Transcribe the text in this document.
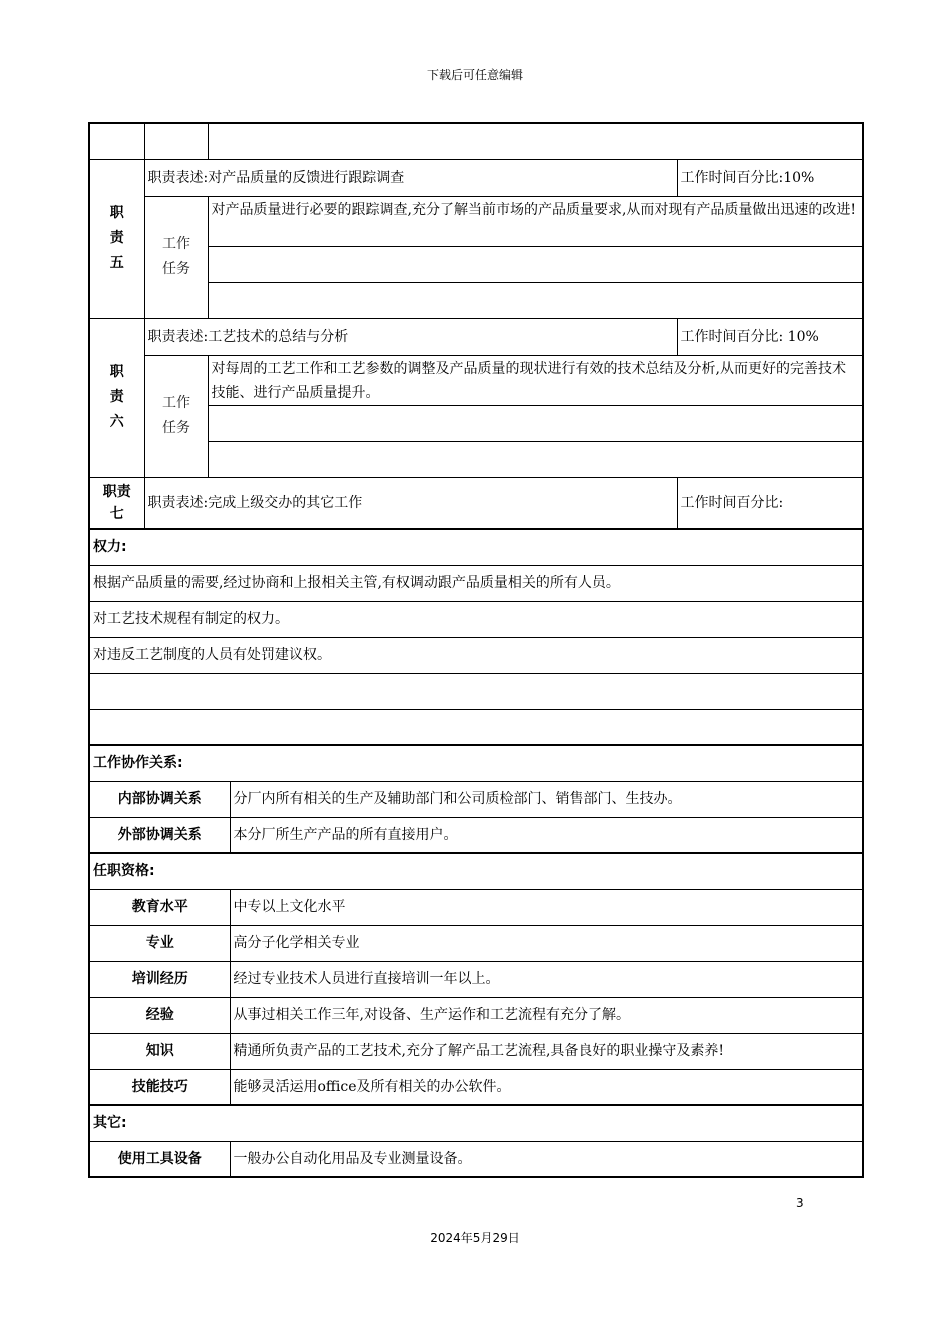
下载后可任意编辑

职
责
五	职责表述:对产品质量的反馈进行跟踪调查		工作时间百分比:10%

	工作
任务	对产品质量进行必要的跟踪调查,充分了解当前市场的产品质量要求,从而对现有产品质量做出迅速的改进!	

职
责
六	职责表述:工艺技术的总结与分析		工作时间百分比: 10%

	工作
任务	对每周的工艺工作和工艺参数的调整及产品质量的现状进行有效的技术总结及分析,从而更好的完善技术技能、进行产品质量提升。	

职责
七	职责表述:完成上级交办的其它工作		工作时间百分比:
权力:	
根据产品质量的需要,经过协商和上报相关主管,有权调动跟产品质量相关的所有人员。	
对工艺技术规程有制定的权力。	
对违反工艺制度的人员有处罚建议权。	

工作协作关系:	
内部协调关系	分厂内所有相关的生产及辅助部门和公司质检部门、销售部门、生技办。
外部协调关系	本分厂所生产产品的所有直接用户。
任职资格:	
教育水平	中专以上文化水平
专业	高分子化学相关专业
培训经历	经过专业技术人员进行直接培训一年以上。
经验	从事过相关工作三年,对设备、生产运作和工艺流程有充分了解。
知识	精通所负责产品的工艺技术,充分了解产品工艺流程,具备良好的职业操守及素养!
技能技巧	能够灵活运用office及所有相关的办公软件。
其它:	
使用工具设备	一般办公自动化用品及专业测量设备。
3
2024年5月29日
